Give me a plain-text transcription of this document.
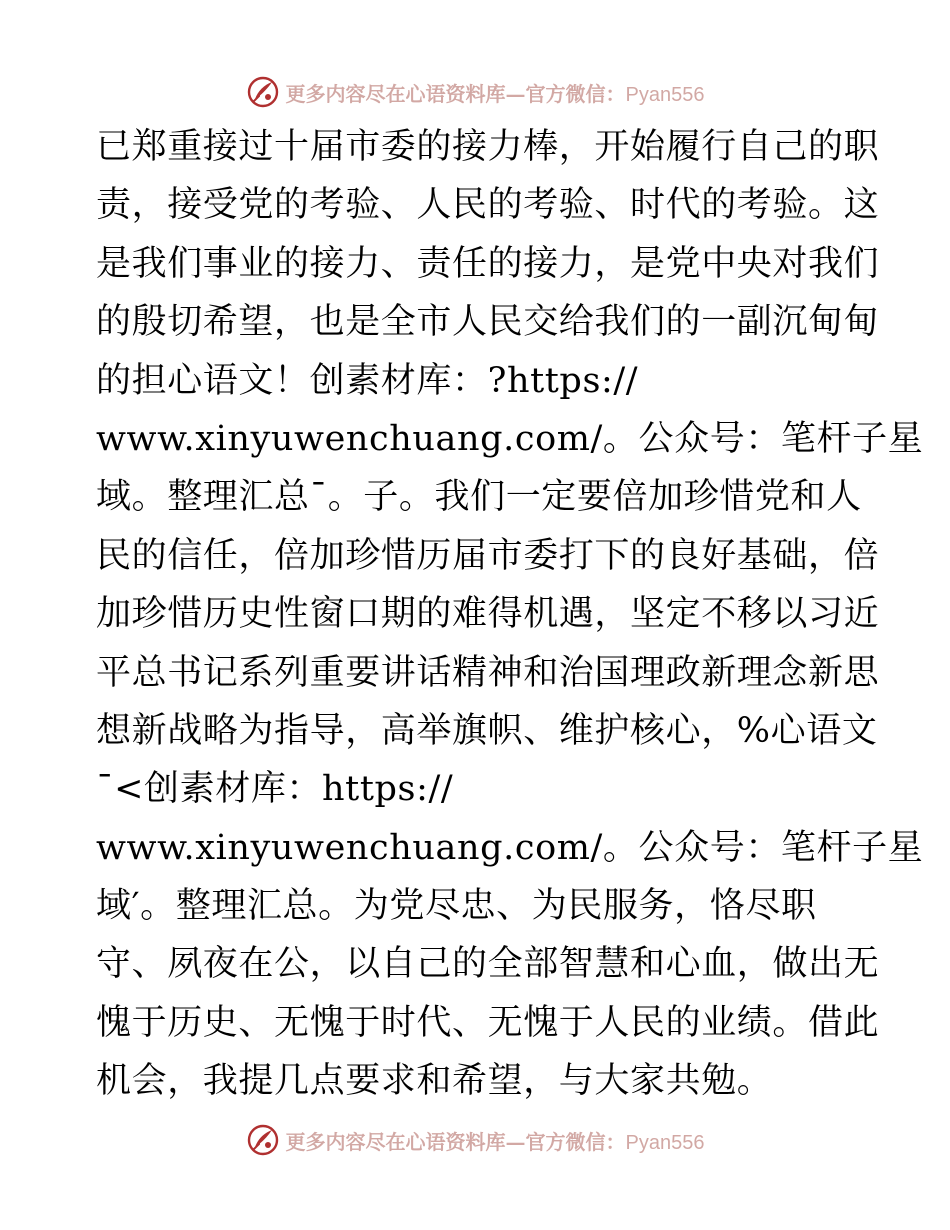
更多内容尽在心语资料库—官方微信：Pyan556
已郑重接过十届市委的接力棒，开始履行自己的职
责，接受党的考验、人民的考验、时代的考验。这
是我们事业的接力、责任的接力，是党中央对我们
的殷切希望，也是全市人民交给我们的一副沉甸甸
的担心语文！创素材库：?https://
www.xinyuwenchuang.com/。公众号：笔杆子星
域。整理汇总¯。子。我们一定要倍加珍惜党和人
民的信任，倍加珍惜历届市委打下的良好基础，倍
加珍惜历史性窗口期的难得机遇，坚定不移以习近
平总书记系列重要讲话精神和治国理政新理念新思
想新战略为指导，高举旗帜、维护核心，%心语文
¯<创素材库：https://
www.xinyuwenchuang.com/。公众号：笔杆子星
域′。整理汇总。为党尽忠、为民服务，恪尽职
守、夙夜在公，以自己的全部智慧和心血，做出无
愧于历史、无愧于时代、无愧于人民的业绩。借此
机会，我提几点要求和希望，与大家共勉。
更多内容尽在心语资料库—官方微信：Pyan556
